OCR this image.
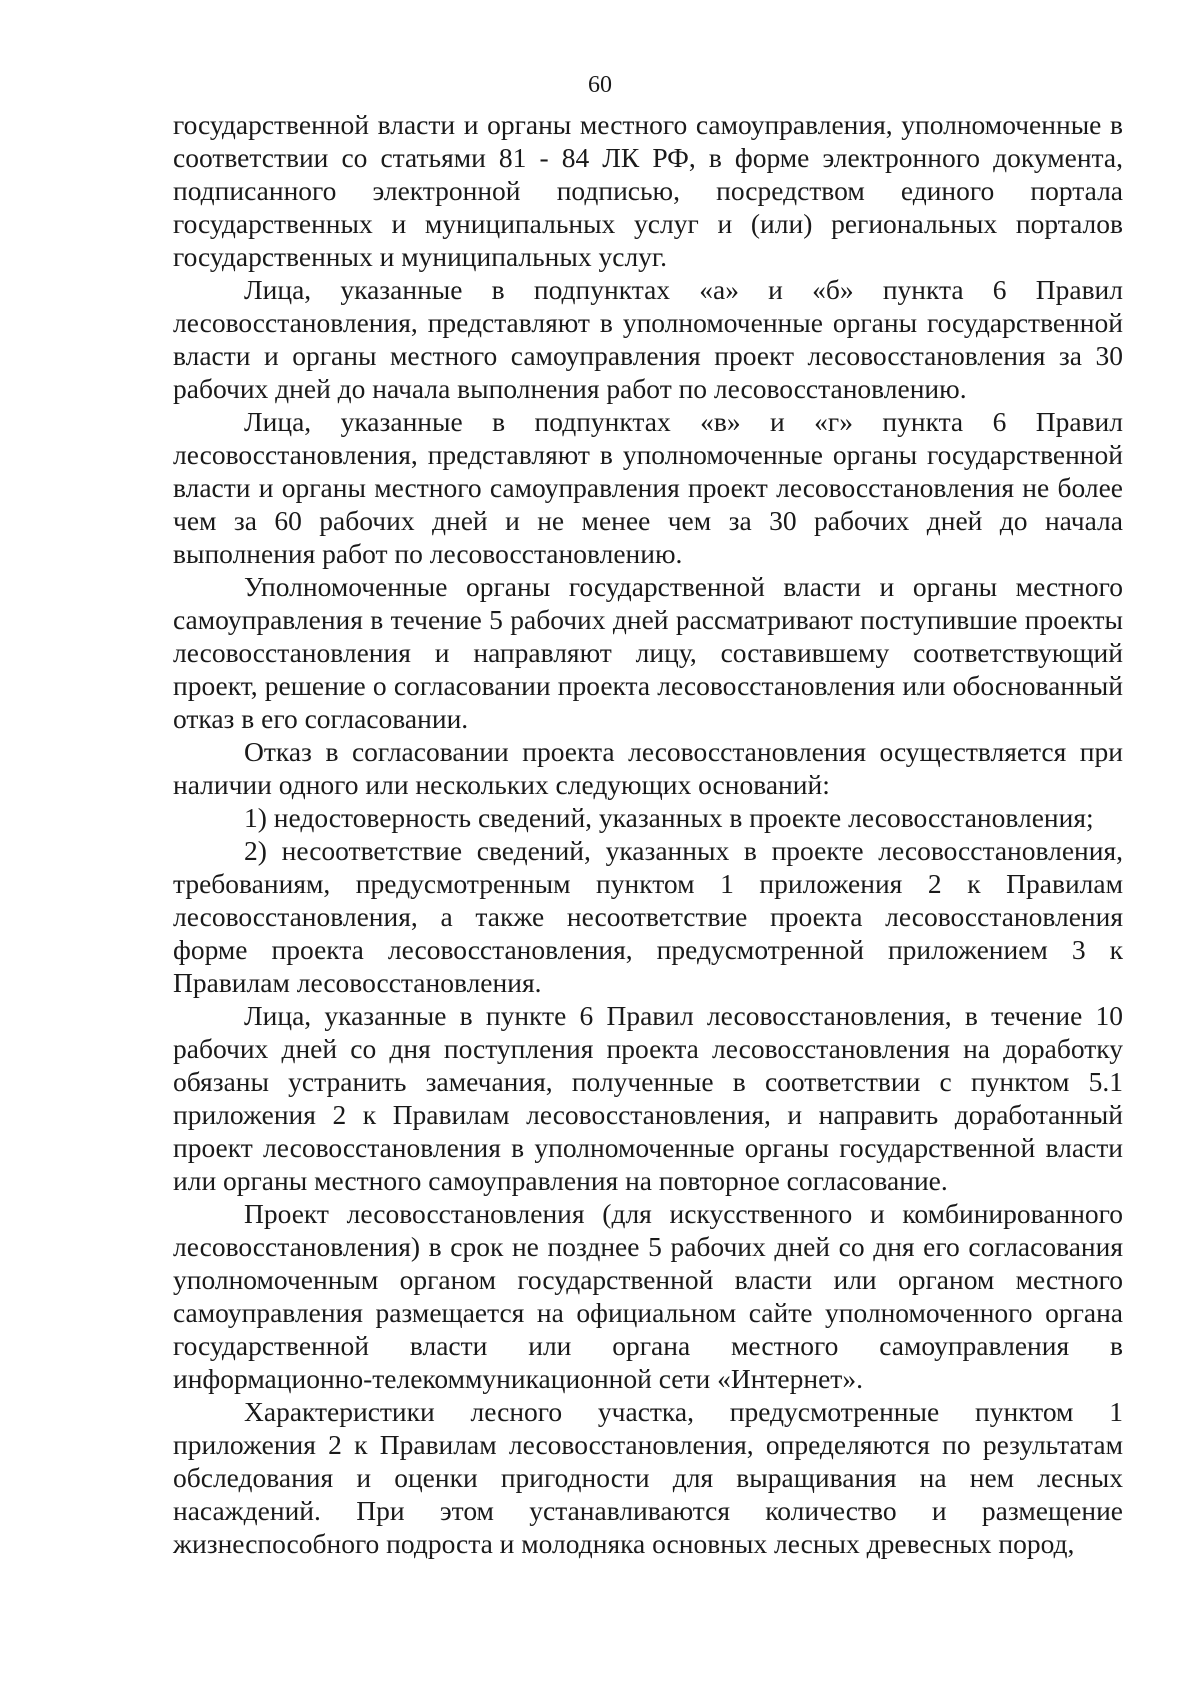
60

государственной власти и органы местного самоуправления, уполномоченные в соответствии со статьями 81 - 84 ЛК РФ, в форме электронного документа, подписанного электронной подписью, посредством единого портала государственных и муниципальных услуг и (или) региональных порталов государственных и муниципальных услуг.

Лица, указанные в подпунктах «а» и «б» пункта 6 Правил лесовосстановления, представляют в уполномоченные органы государственной власти и органы местного самоуправления проект лесовосстановления за 30 рабочих дней до начала выполнения работ по лесовосстановлению.

Лица, указанные в подпунктах «в» и «г» пункта 6 Правил лесовосстановления, представляют в уполномоченные органы государственной власти и органы местного самоуправления проект лесовосстановления не более чем за 60 рабочих дней и не менее чем за 30 рабочих дней до начала выполнения работ по лесовосстановлению.

Уполномоченные органы государственной власти и органы местного самоуправления в течение 5 рабочих дней рассматривают поступившие проекты лесовосстановления и направляют лицу, составившему соответствующий проект, решение о согласовании проекта лесовосстановления или обоснованный отказ в его согласовании.

Отказ в согласовании проекта лесовосстановления осуществляется при наличии одного или нескольких следующих оснований:

1) недостоверность сведений, указанных в проекте лесовосстановления;

2) несоответствие сведений, указанных в проекте лесовосстановления, требованиям, предусмотренным пунктом 1 приложения 2 к Правилам лесовосстановления, а также несоответствие проекта лесовосстановления форме проекта лесовосстановления, предусмотренной приложением 3 к Правилам лесовосстановления.

Лица, указанные в пункте 6 Правил лесовосстановления, в течение 10 рабочих дней со дня поступления проекта лесовосстановления на доработку обязаны устранить замечания, полученные в соответствии с пунктом 5.1 приложения 2 к Правилам лесовосстановления, и направить доработанный проект лесовосстановления в уполномоченные органы государственной власти или органы местного самоуправления на повторное согласование.

Проект лесовосстановления (для искусственного и комбинированного лесовосстановления) в срок не позднее 5 рабочих дней со дня его согласования уполномоченным органом государственной власти или органом местного самоуправления размещается на официальном сайте уполномоченного органа государственной власти или органа местного самоуправления в информационно-телекоммуникационной сети «Интернет».

Характеристики лесного участка, предусмотренные пунктом 1 приложения 2 к Правилам лесовосстановления, определяются по результатам обследования и оценки пригодности для выращивания на нем лесных насаждений. При этом устанавливаются количество и размещение жизнеспособного подроста и молодняка основных лесных древесных пород,
